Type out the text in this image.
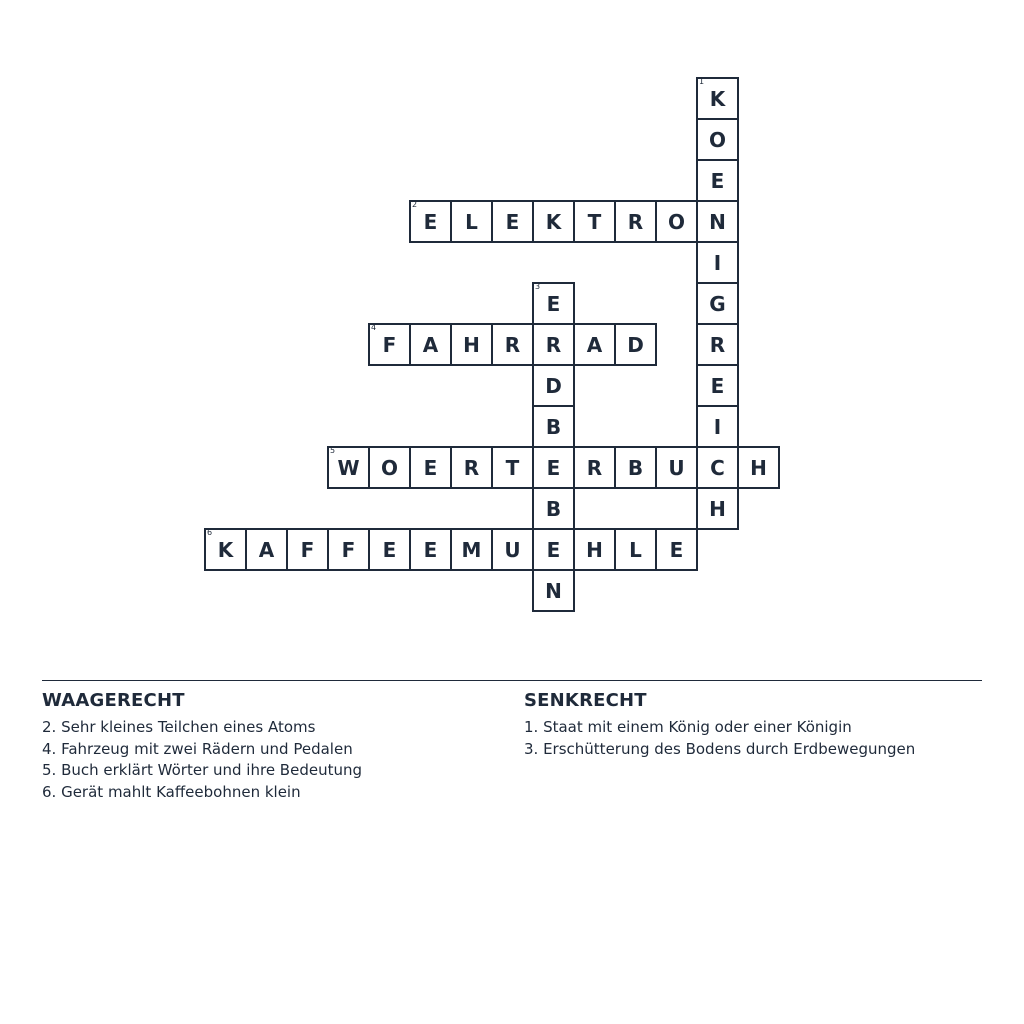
K
1
O
E
N
I
G
R
E
I
C
H
E
2
L E K T R O
E
3
R
D
B
E
B
E
N
F
4
A H R	A D
W
5
O E R T	R B U	H
K
6
A F F E E M U	H L E
WAAGERECHT
2. Sehr kleines Teilchen eines Atoms
4. Fahrzeug mit zwei Rädern und Pedalen
5. Buch erklärt Wörter und ihre Bedeutung
6. Gerät mahlt Kaffeebohnen klein
SENKRECHT
1. Staat mit einem König oder einer Königin
3. Erschütterung des Bodens durch Erdbewegungen
